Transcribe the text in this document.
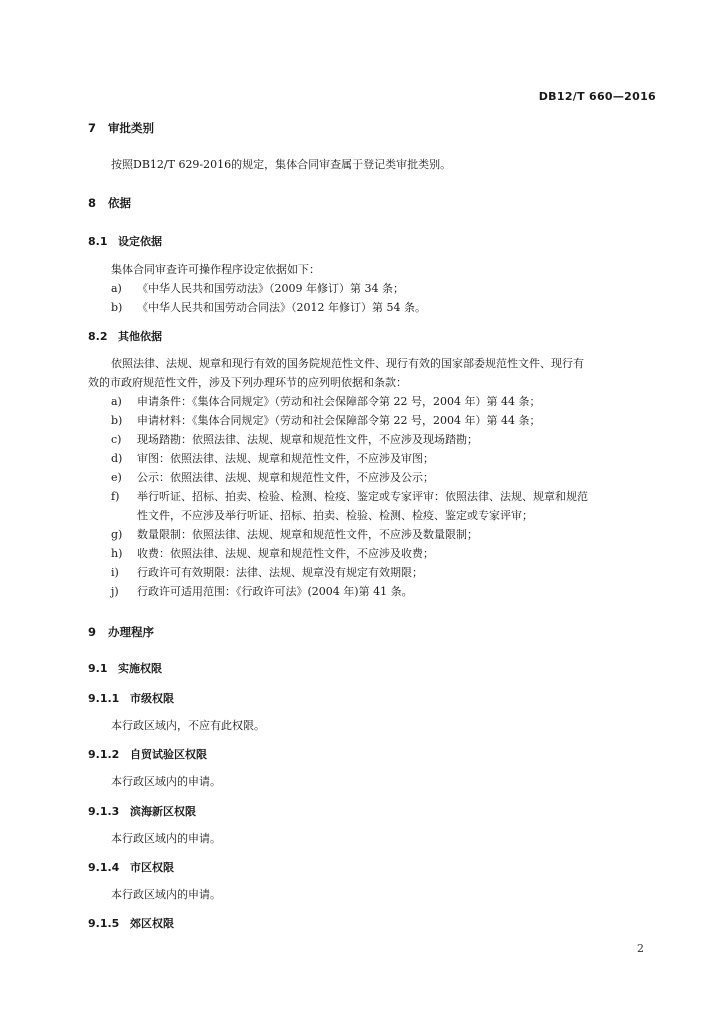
DB12/T 660—2016
7 审批类别
按照DB12/T 629-2016的规定，集体合同审查属于登记类审批类别。
8 依据
8.1 设定依据
集体合同审查许可操作程序设定依据如下：
a) 《中华人民共和国劳动法》（2009 年修订）第 34 条；
b) 《中华人民共和国劳动合同法》（2012 年修订）第 54 条。
8.2 其他依据
依照法律、法规、规章和现行有效的国务院规范性文件、现行有效的国家部委规范性文件、现行有
效的市政府规范性文件，涉及下列办理环节的应列明依据和条款：
a) 申请条件：《集体合同规定》（劳动和社会保障部令第 22 号，2004 年）第 44 条；
b) 申请材料：《集体合同规定》（劳动和社会保障部令第 22 号，2004 年）第 44 条；
c) 现场踏勘：依照法律、法规、规章和规范性文件，不应涉及现场踏勘；
d) 审图：依照法律、法规、规章和规范性文件，不应涉及审图；
e) 公示：依照法律、法规、规章和规范性文件，不应涉及公示；
f) 举行听证、招标、拍卖、检验、检测、检疫、鉴定或专家评审：依照法律、法规、规章和规范
性文件，不应涉及举行听证、招标、拍卖、检验、检测、检疫、鉴定或专家评审；
g) 数量限制：依照法律、法规、规章和规范性文件，不应涉及数量限制；
h) 收费：依照法律、法规、规章和规范性文件，不应涉及收费；
i) 行政许可有效期限：法律、法规、规章没有规定有效期限；
j) 行政许可适用范围：《行政许可法》(2004 年)第 41 条。
9 办理程序
9.1 实施权限
9.1.1 市级权限
本行政区域内，不应有此权限。
9.1.2 自贸试验区权限
本行政区域内的申请。
9.1.3 滨海新区权限
本行政区域内的申请。
9.1.4 市区权限
本行政区域内的申请。
9.1.5 郊区权限
2
